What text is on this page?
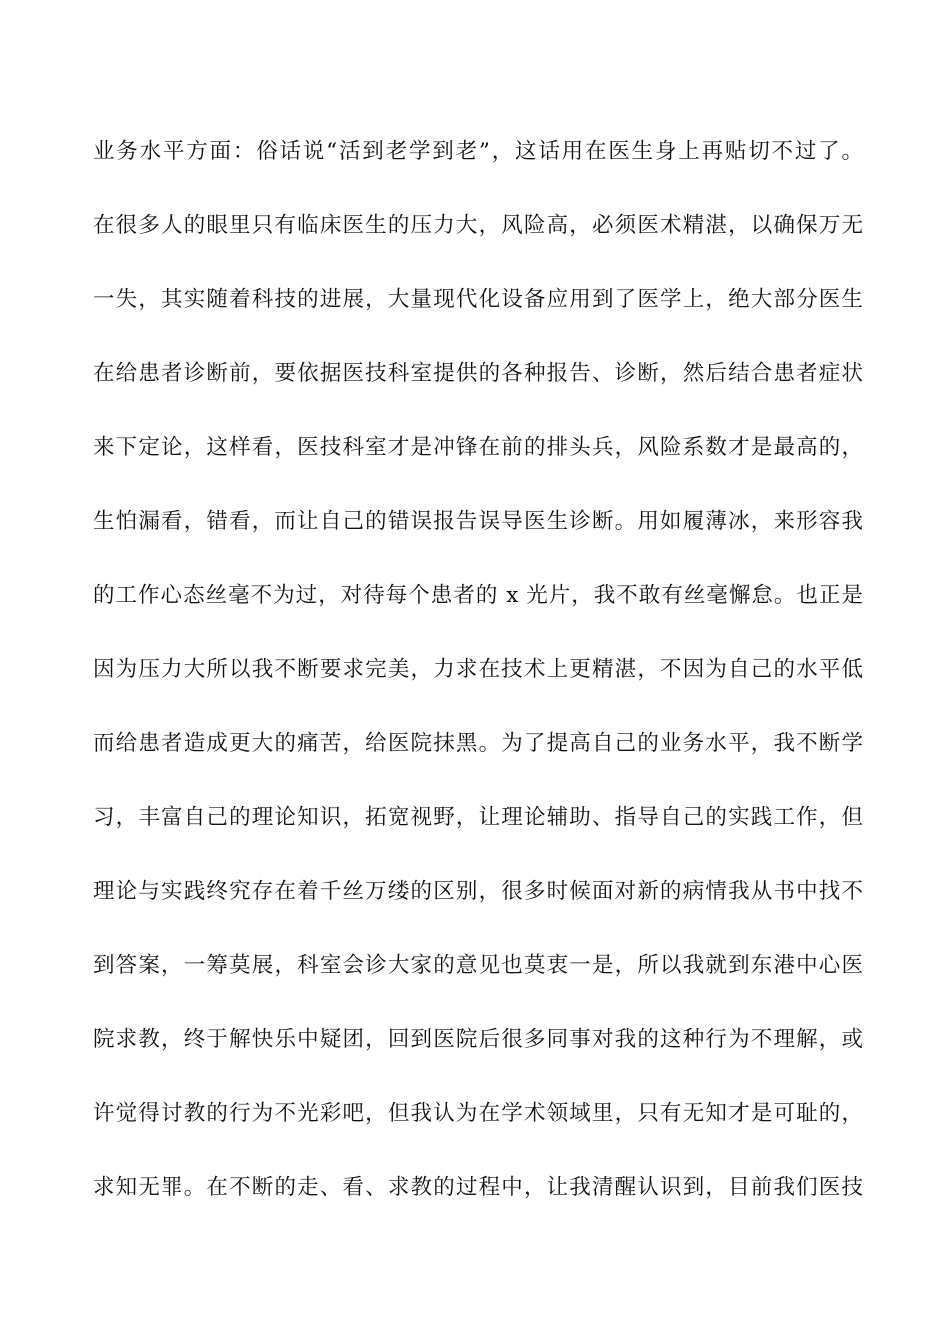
业务水平方面：俗话说“活到老学到老”，这话用在医生身上再贴切不过了。
在很多人的眼里只有临床医生的压力大，风险高，必须医术精湛，以确保万无
一失，其实随着科技的进展，大量现代化设备应用到了医学上，绝大部分医生
在给患者诊断前，要依据医技科室提供的各种报告、诊断，然后结合患者症状
来下定论，这样看，医技科室才是冲锋在前的排头兵，风险系数才是最高的，
生怕漏看，错看，而让自己的错误报告误导医生诊断。用如履薄冰，来形容我
的工作心态丝毫不为过，对待每个患者的 x 光片，我不敢有丝毫懈怠。也正是
因为压力大所以我不断要求完美，力求在技术上更精湛，不因为自己的水平低
而给患者造成更大的痛苦，给医院抹黑。为了提高自己的业务水平，我不断学
习，丰富自己的理论知识，拓宽视野，让理论辅助、指导自己的实践工作，但
理论与实践终究存在着千丝万缕的区别，很多时候面对新的病情我从书中找不
到答案，一筹莫展，科室会诊大家的意见也莫衷一是，所以我就到东港中心医
院求教，终于解快乐中疑团，回到医院后很多同事对我的这种行为不理解，或
许觉得讨教的行为不光彩吧，但我认为在学术领域里，只有无知才是可耻的，
求知无罪。在不断的走、看、求教的过程中，让我清醒认识到，目前我们医技
